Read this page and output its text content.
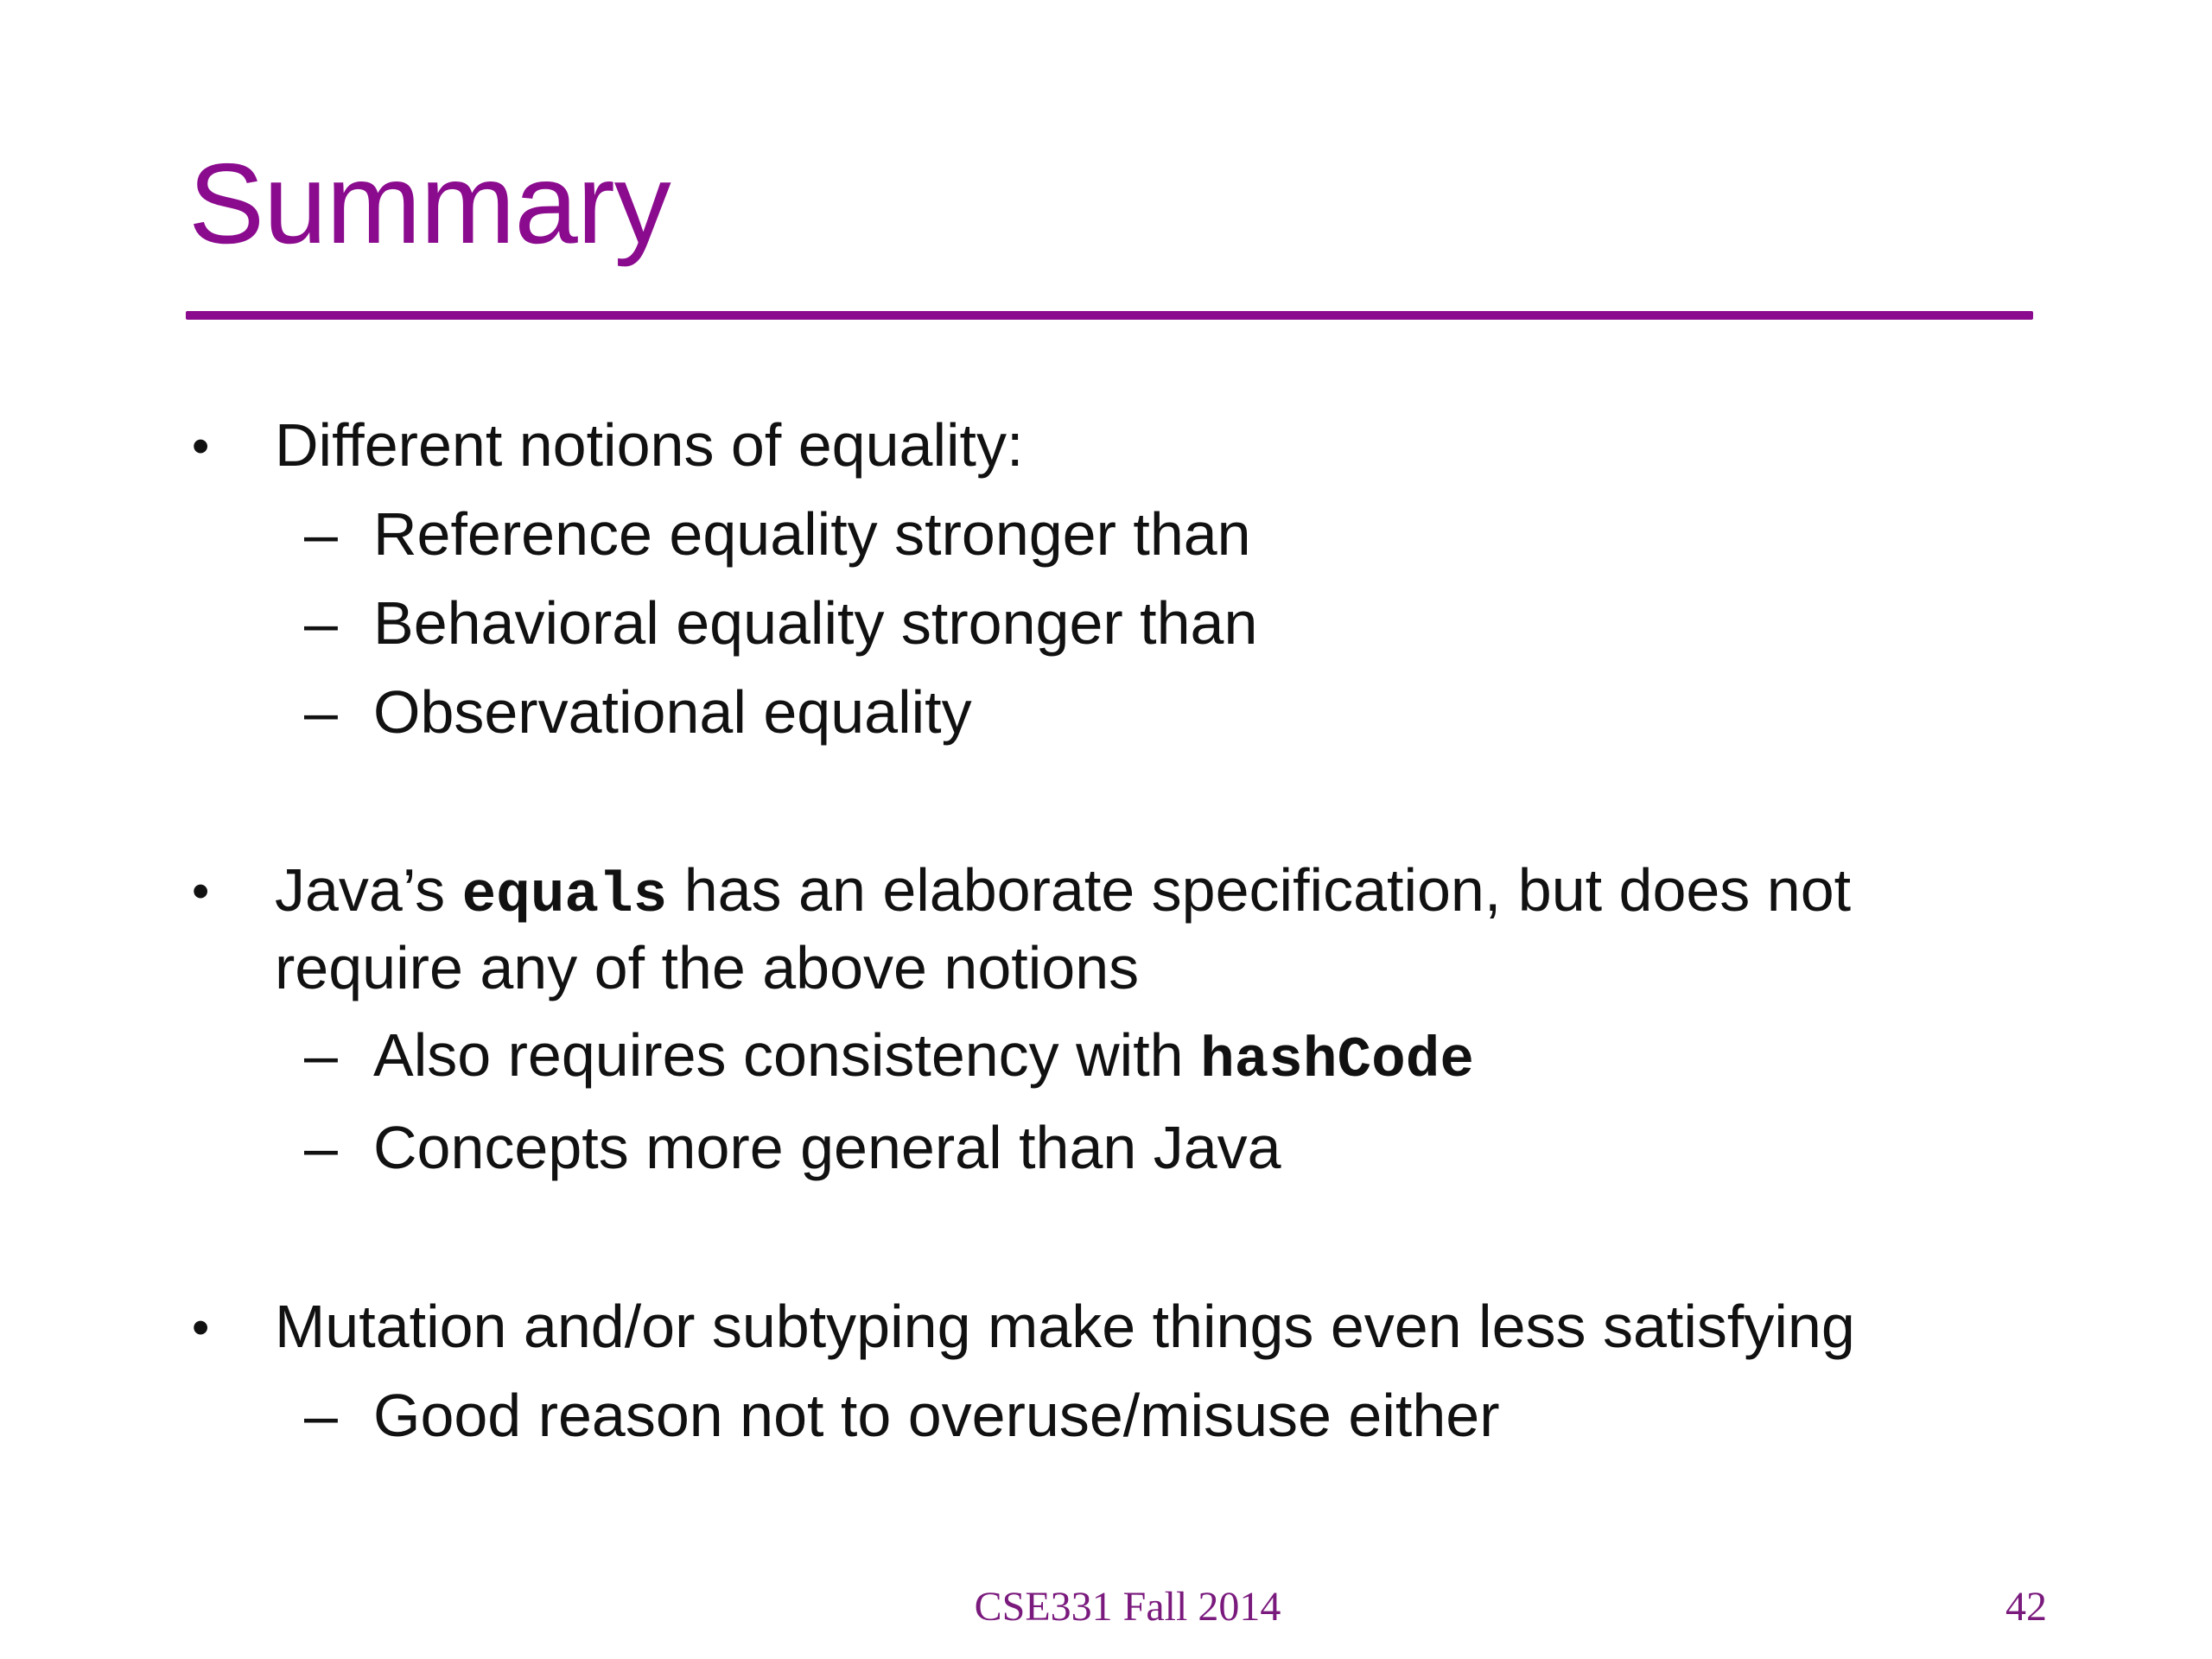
Summary
• Different notions of equality:
– Reference equality stronger than
– Behavioral equality stronger than
– Observational equality
• Java’s equals has an elaborate specification, but does not
require any of the above notions
– Also requires consistency with hashCode
– Concepts more general than Java
• Mutation and/or subtyping make things even less satisfying
– Good reason not to overuse/misuse either
CSE331 Fall 2014	42
